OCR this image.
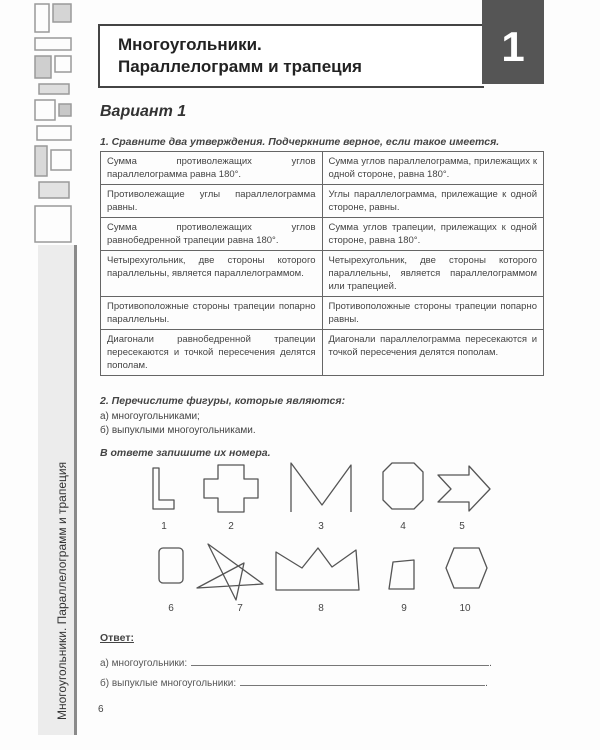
Многоугольники. Параллелограмм и трапеция
Многоугольники.
Параллелограмм и трапеция	1
Вариант 1
1. Сравните два утверждения. Подчеркните верное, если такое имеется.
Сумма противолежащих углов параллелограмма равна 180°.	Сумма углов параллелограмма, прилежащих к одной стороне, равна 180°.
Противолежащие углы параллелограмма равны.	Углы параллелограмма, прилежащие к одной стороне, равны.
Сумма противолежащих углов равнобедренной трапеции равна 180°.	Сумма углов трапеции, прилежащих к одной стороне, равна 180°.
Четырехугольник, две стороны которого параллельны, является параллелограммом.	Четырехугольник, две стороны которого параллельны, является параллелограммом или трапецией.
Противоположные стороны трапеции попарно параллельны.	Противоположные стороны трапеции попарно равны.
Диагонали равнобедренной трапеции пересекаются и точкой пересечения делятся пополам.	Диагонали параллелограмма пересекаются и точкой пересечения делятся пополам.
2. Перечислите фигуры, которые являются:
а) многоугольниками;
б) выпуклыми многоугольниками.
В ответе запишите их номера.
1	2	3	4	5
6	7	8	9	10
Ответ:
а) многоугольники:	.
б) выпуклые многоугольники:	.
6
